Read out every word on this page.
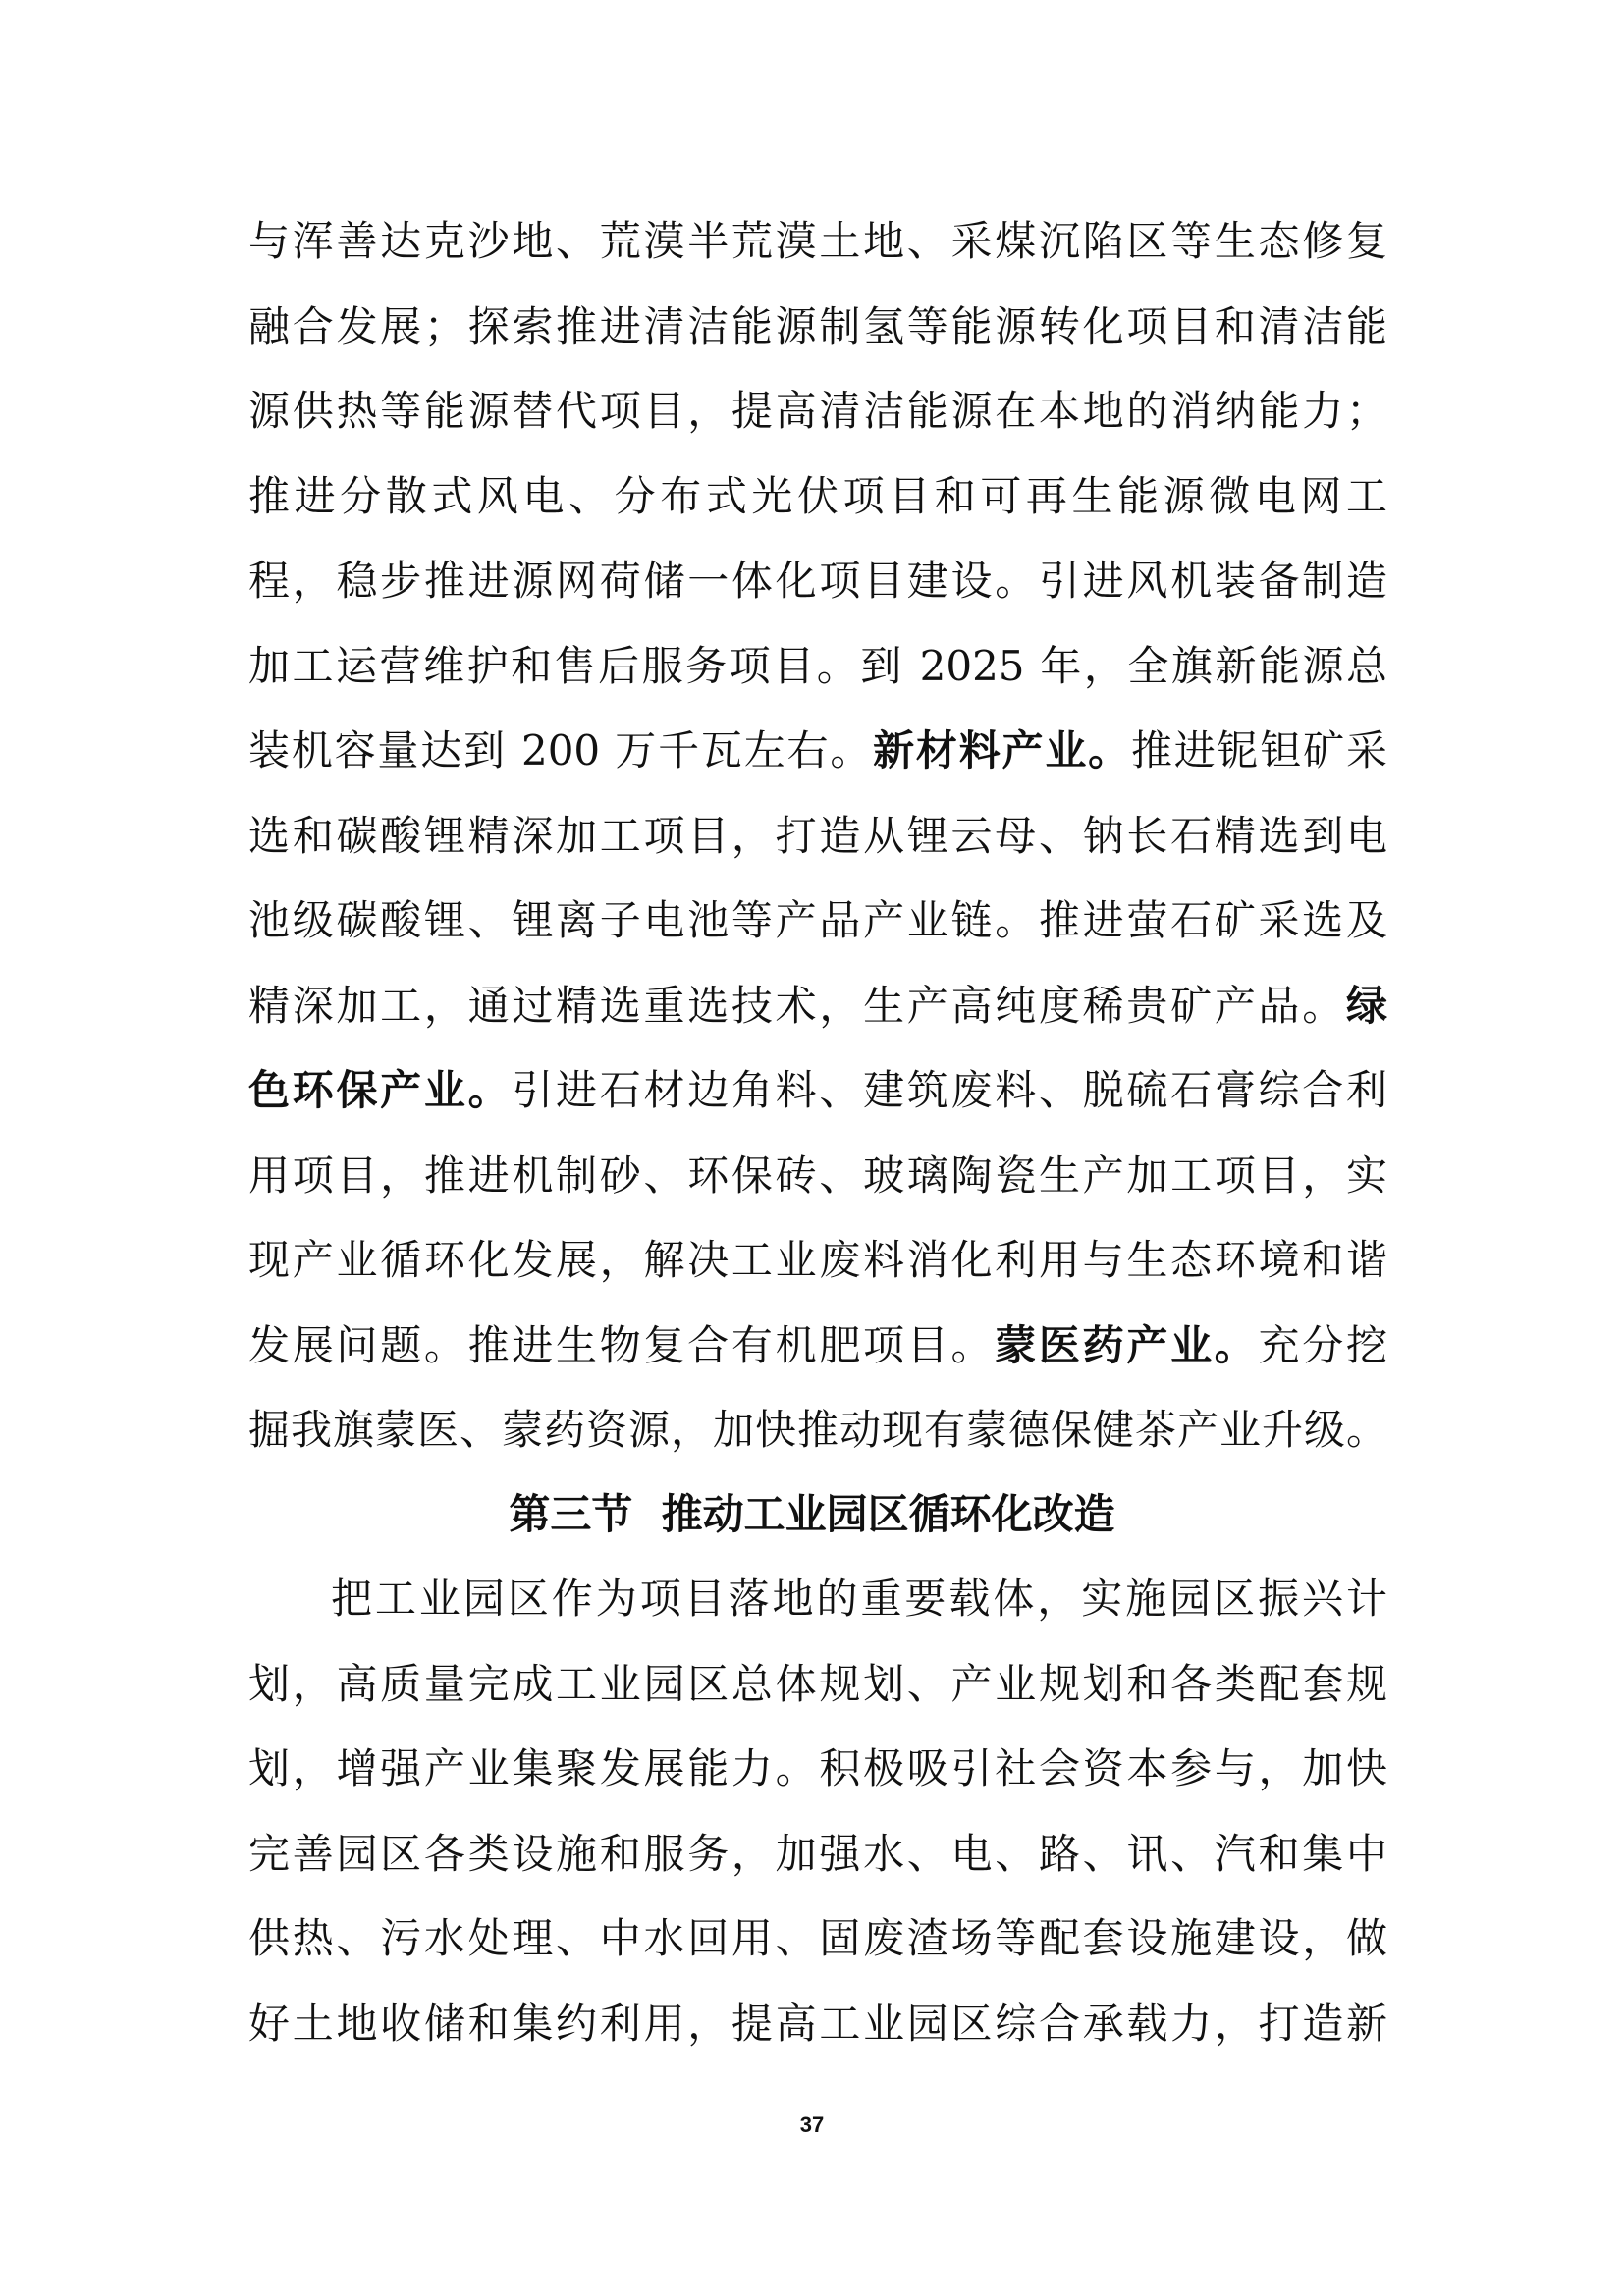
与浑善达克沙地、荒漠半荒漠土地、采煤沉陷区等生态修复
融合发展；探索推进清洁能源制氢等能源转化项目和清洁能
源供热等能源替代项目，提高清洁能源在本地的消纳能力；
推进分散式风电、分布式光伏项目和可再生能源微电网工
程，稳步推进源网荷储一体化项目建设。引进风机装备制造
加工运营维护和售后服务项目。到 2025 年，全旗新能源总
装机容量达到 200 万千瓦左右。新材料产业。推进铌钽矿采
选和碳酸锂精深加工项目，打造从锂云母、钠长石精选到电
池级碳酸锂、锂离子电池等产品产业链。推进萤石矿采选及
精深加工，通过精选重选技术，生产高纯度稀贵矿产品。绿
色环保产业。引进石材边角料、建筑废料、脱硫石膏综合利
用项目，推进机制砂、环保砖、玻璃陶瓷生产加工项目，实
现产业循环化发展，解决工业废料消化利用与生态环境和谐
发展问题。推进生物复合有机肥项目。蒙医药产业。充分挖
掘我旗蒙医、蒙药资源，加快推动现有蒙德保健茶产业升级。
第三节  推动工业园区循环化改造
把工业园区作为项目落地的重要载体，实施园区振兴计
划，高质量完成工业园区总体规划、产业规划和各类配套规
划，增强产业集聚发展能力。积极吸引社会资本参与，加快
完善园区各类设施和服务，加强水、电、路、讯、汽和集中
供热、污水处理、中水回用、固废渣场等配套设施建设，做
好土地收储和集约利用，提高工业园区综合承载力，打造新
37
